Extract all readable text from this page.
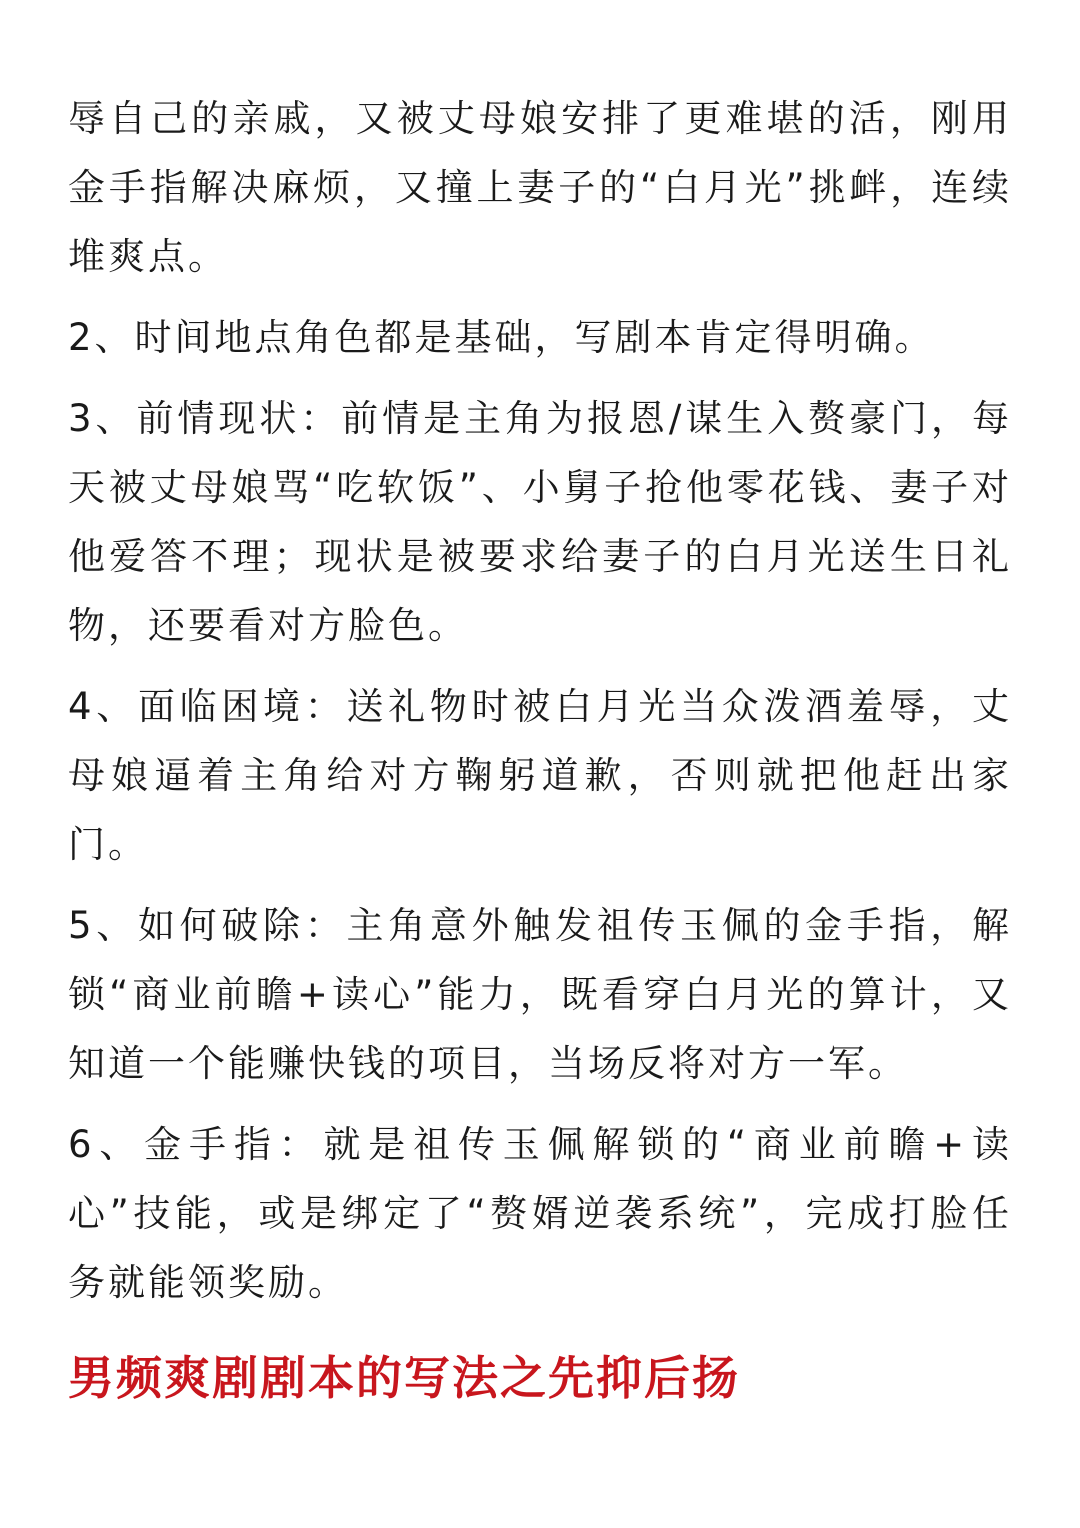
辱自己的亲戚，又被丈母娘安排了更难堪的活，刚用金手指解决麻烦，又撞上妻子的“白月光”挑衅，连续堆爽点。

2、时间地点角色都是基础，写剧本肯定得明确。

3、前情现状：前情是主角为报恩/谋生入赘豪门，每天被丈母娘骂“吃软饭”、小舅子抢他零花钱、妻子对他爱答不理；现状是被要求给妻子的白月光送生日礼物，还要看对方脸色。

4、面临困境：送礼物时被白月光当众泼酒羞辱，丈母娘逼着主角给对方鞠躬道歉，否则就把他赶出家门。

5、如何破除：主角意外触发祖传玉佩的金手指，解锁“商业前瞻+读心”能力，既看穿白月光的算计，又知道一个能赚快钱的项目，当场反将对方一军。

6、金手指：就是祖传玉佩解锁的“商业前瞻+读心”技能，或是绑定了“赘婿逆袭系统”，完成打脸任务就能领奖励。

男频爽剧剧本的写法之先抑后扬
